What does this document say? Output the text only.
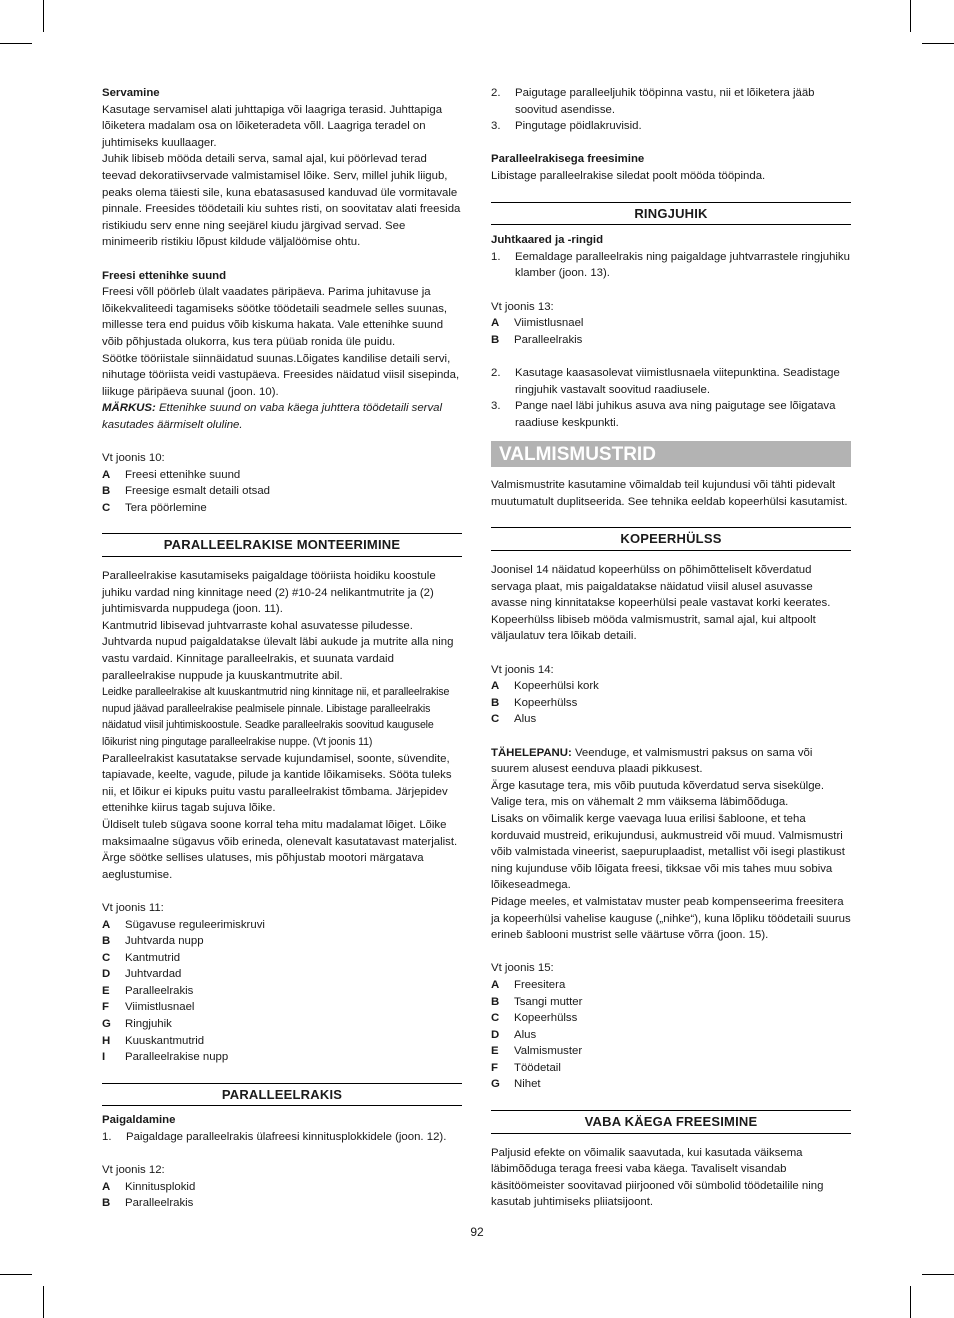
Servamine

Kasutage servamisel alati juhttapiga või laagriga terasid. Juhttapiga lõiketera madalam osa on lõiketeradeta võll. Laagriga teradel on juhtimiseks kuullaager.

Juhik libiseb mööda detaili serva, samal ajal, kui pöörlevad terad teevad dekoratiivservade valmistamisel lõike. Serv, millel juhik liigub, peaks olema täiesti sile, kuna ebatasasused kanduvad üle vormitavale pinnale. Freesides töödetaili kiu suhtes risti, on soovitatav alati freesida ristikiudu serv enne ning seejärel kiudu järgivad servad. See minimeerib ristikiu lõpust kildude väljalöömise ohtu.

Freesi ettenihke suund

Freesi võll pöörleb ülalt vaadates päripäeva. Parima juhitavuse ja lõikekvaliteedi tagamiseks söötke töödetaili seadmele selles suunas, millesse tera end puidus võib kiskuma hakata. Vale ettenihke suund võib põhjustada olukorra, kus tera püüab ronida üle puidu.

Söötke tööriistale siinnäidatud suunas.Lõigates kandilise detaili servi, nihutage tööriista veidi vastupäeva. Freesides näidatud viisil sisepinda, liikuge päripäeva suunal (joon. 10).

MÄRKUS: Ettenihke suund on vaba käega juhttera töödetaili serval kasutades äärmiselt oluline.

Vt joonis 10:

A	Freesi ettenihke suund
B	Freesige esmalt detaili otsad
C	Tera pöörlemine
PARALLEELRAKISE MONTEERIMINE

Paralleelrakise kasutamiseks paigaldage tööriista hoidiku koostule juhiku vardad ning kinnitage need (2) #10-24 nelikantmutrite ja (2) juhtimisvarda nuppudega (joon. 11).

Kantmutrid libisevad juhtvarraste kohal asuvatesse piludesse. Juhtvarda nupud paigaldatakse ülevalt läbi aukude ja mutrite alla ning vastu vardaid. Kinnitage paralleelrakis, et suunata vardaid paralleelrakise nuppude ja kuuskantmutrite abil.

Leidke paralleelrakise alt kuuskantmutrid ning kinnitage nii, et paralleelrakise nupud jäävad paralleelrakise pealmisele pinnale. Libistage paralleelrakis näidatud viisil juhtimiskoostule. Seadke paralleelrakis soovitud kaugusele lõikurist ning pingutage paralleelrakise nuppe. (Vt joonis 11)

Paralleelrakist kasutatakse servade kujundamisel, soonte, süvendite, tapiavade, keelte, vagude, pilude ja kantide lõikamiseks. Sööta tuleks nii, et lõikur ei kipuks puitu vastu paralleelrakist tõmbama. Järjepidev ettenihke kiirus tagab sujuva lõike.

Üldiselt tuleb sügava soone korral teha mitu madalamat lõiget. Lõike maksimaalne sügavus võib erineda, olenevalt kasutatavast materjalist. Ärge söötke sellises ulatuses, mis põhjustab mootori märgatava aeglustumise.

Vt joonis 11:

A	Sügavuse reguleerimiskruvi
B	Juhtvarda nupp
C	Kantmutrid
D	Juhtvardad
E	Paralleelrakis
F	Viimistlusnael
G	Ringjuhik
H	Kuuskantmutrid
I	Paralleelrakise nupp
PARALLEELRAKIS

Paigaldamine

1.	Paigaldage paralleelrakis ülafreesi kinnitusplokkidele (joon. 12).

Vt joonis 12:

A	Kinnitusplokid
B	Paralleelrakis
2.	Paigutage paralleeljuhik tööpinna vastu, nii et lõiketera jääb soovitud asendisse.
3.	Pingutage pöidlakruvisid.

Paralleelrakisega freesimine

Libistage paralleelrakise siledat poolt mööda tööpinda.

RINGJUHIK

Juhtkaared ja -ringid

1.	Eemaldage paralleelrakis ning paigaldage juhtvarrastele ringjuhiku klamber (joon. 13).

Vt joonis 13:

A	Viimistlusnael
B	Paralleelrakis
2.	Kasutage kaasasolevat viimistlusnaela viitepunktina. Seadistage ringjuhik vastavalt soovitud raadiusele.
3.	Pange nael läbi juhikus asuva ava ning paigutage see lõigatava raadiuse keskpunkti.
VALMISMUSTRID

Valmismustrite kasutamine võimaldab teil kujundusi või tähti pidevalt muutumatult duplitseerida. See tehnika eeldab kopeerhülsi kasutamist.

KOPEERHÜLSS

Joonisel 14 näidatud kopeerhülss on põhimõtteliselt kõverdatud servaga plaat, mis paigaldatakse näidatud viisil alusel asuvasse avasse ning kinnitatakse kopeerhülsi peale vastavat korki keerates. Kopeerhülss libiseb mööda valmismustrit, samal ajal, kui altpoolt väljaulatuv tera lõikab detaili.

Vt joonis 14:

A	Kopeerhülsi kork
B	Kopeerhülss
C	Alus

TÄHELEPANU: Veenduge, et valmismustri paksus on sama või suurem alusest eenduva plaadi pikkusest.

Ärge kasutage tera, mis võib puutuda kõverdatud serva sisekülge.

Valige tera, mis on vähemalt 2 mm väiksema läbimõõduga.

Lisaks on võimalik kerge vaevaga luua erilisi šabloone, et teha korduvaid mustreid, erikujundusi, aukmustreid või muud. Valmismustri võib valmistada vineerist, saepuruplaadist, metallist või isegi plastikust ning kujunduse võib lõigata freesi, tikksae või mis tahes muu sobiva lõikeseadmega.

Pidage meeles, et valmistatav muster peab kompenseerima freesitera ja kopeerhülsi vahelise kauguse („nihke“), kuna lõpliku töödetaili suurus erineb šablooni mustrist selle väärtuse võrra (joon. 15).

Vt joonis 15:

A	Freesitera
B	Tsangi mutter
C	Kopeerhülss
D	Alus
E	Valmismuster
F	Töödetail
G	Nihet
VABA KÄEGA FREESIMINE

Paljusid efekte on võimalik saavutada, kui kasutada väiksema läbimõõduga teraga freesi vaba käega. Tavaliselt visandab käsitöömeister soovitavad piirjooned või sümbolid töödetailile ning kasutab juhtimiseks pliiatsijoont.

92
